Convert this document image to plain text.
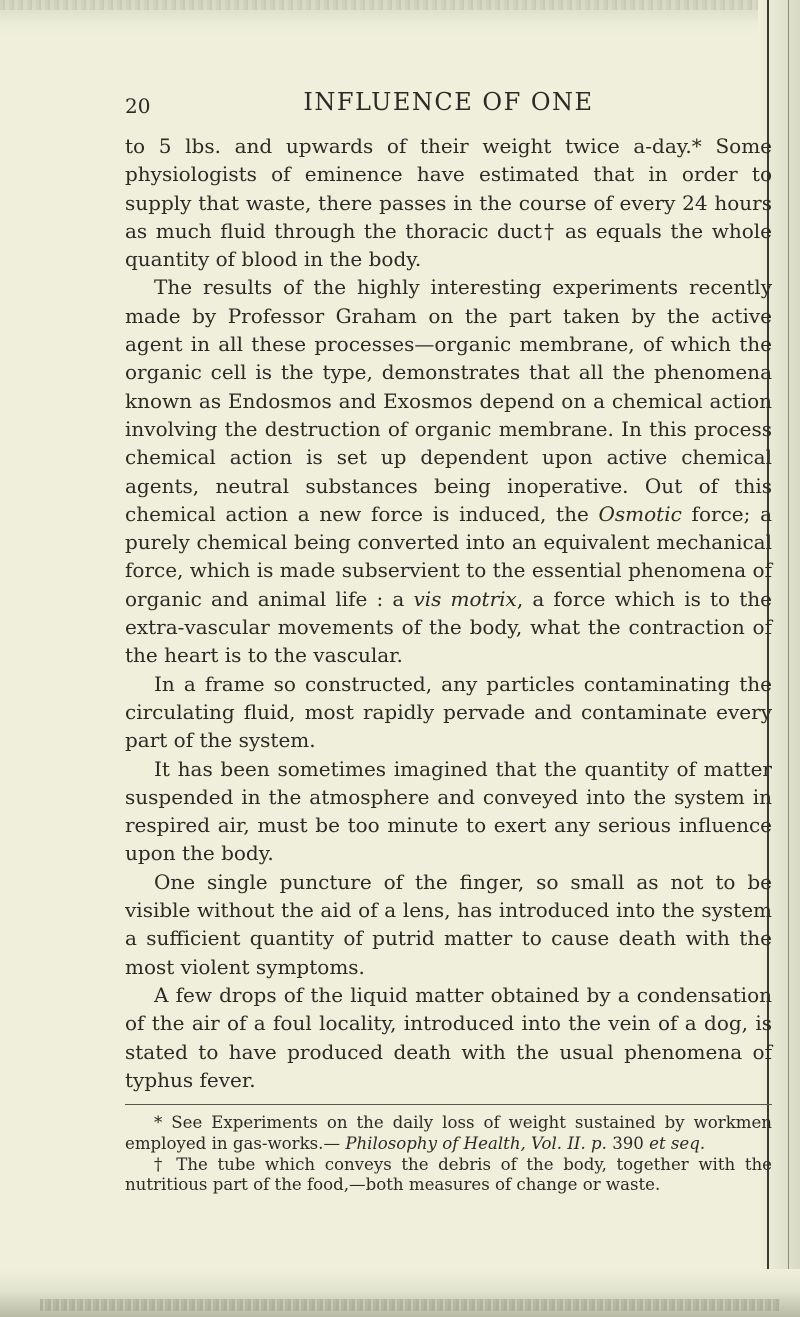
20	INFLUENCE OF ONE

to 5 lbs. and upwards of their weight twice a-day.* Some physiologists of eminence have estimated that in order to supply that waste, there passes in the course of every 24 hours as much fluid through the thoracic duct† as equals the whole quantity of blood in the body.

The results of the highly interesting experiments recently made by Professor Graham on the part taken by the active agent in all these processes—organic membrane, of which the organic cell is the type, demonstrates that all the phenomena known as Endosmos and Exosmos depend on a chemical action involving the destruction of organic membrane. In this process chemical action is set up dependent upon active chemical agents, neutral substances being inoperative. Out of this chemical action a new force is induced, the Osmotic force; a purely chemical being converted into an equivalent mechanical force, which is made subservient to the essential phenomena of organic and animal life : a vis motrix, a force which is to the extra-vascular movements of the body, what the contraction of the heart is to the vascular.

In a frame so constructed, any particles contaminating the circulating fluid, most rapidly pervade and contaminate every part of the system.

It has been sometimes imagined that the quantity of matter suspended in the atmosphere and conveyed into the system in respired air, must be too minute to exert any serious influence upon the body.

One single puncture of the finger, so small as not to be visible without the aid of a lens, has introduced into the system a sufficient quantity of putrid matter to cause death with the most violent symptoms.

A few drops of the liquid matter obtained by a condensation of the air of a foul locality, introduced into the vein of a dog, is stated to have produced death with the usual phenomena of typhus fever.

* See Experiments on the daily loss of weight sustained by workmen employed in gas-works.— Philosophy of Health, Vol. II. p. 390 et seq.

† The tube which conveys the debris of the body, together with the nutritious part of the food,—both measures of change or waste.
